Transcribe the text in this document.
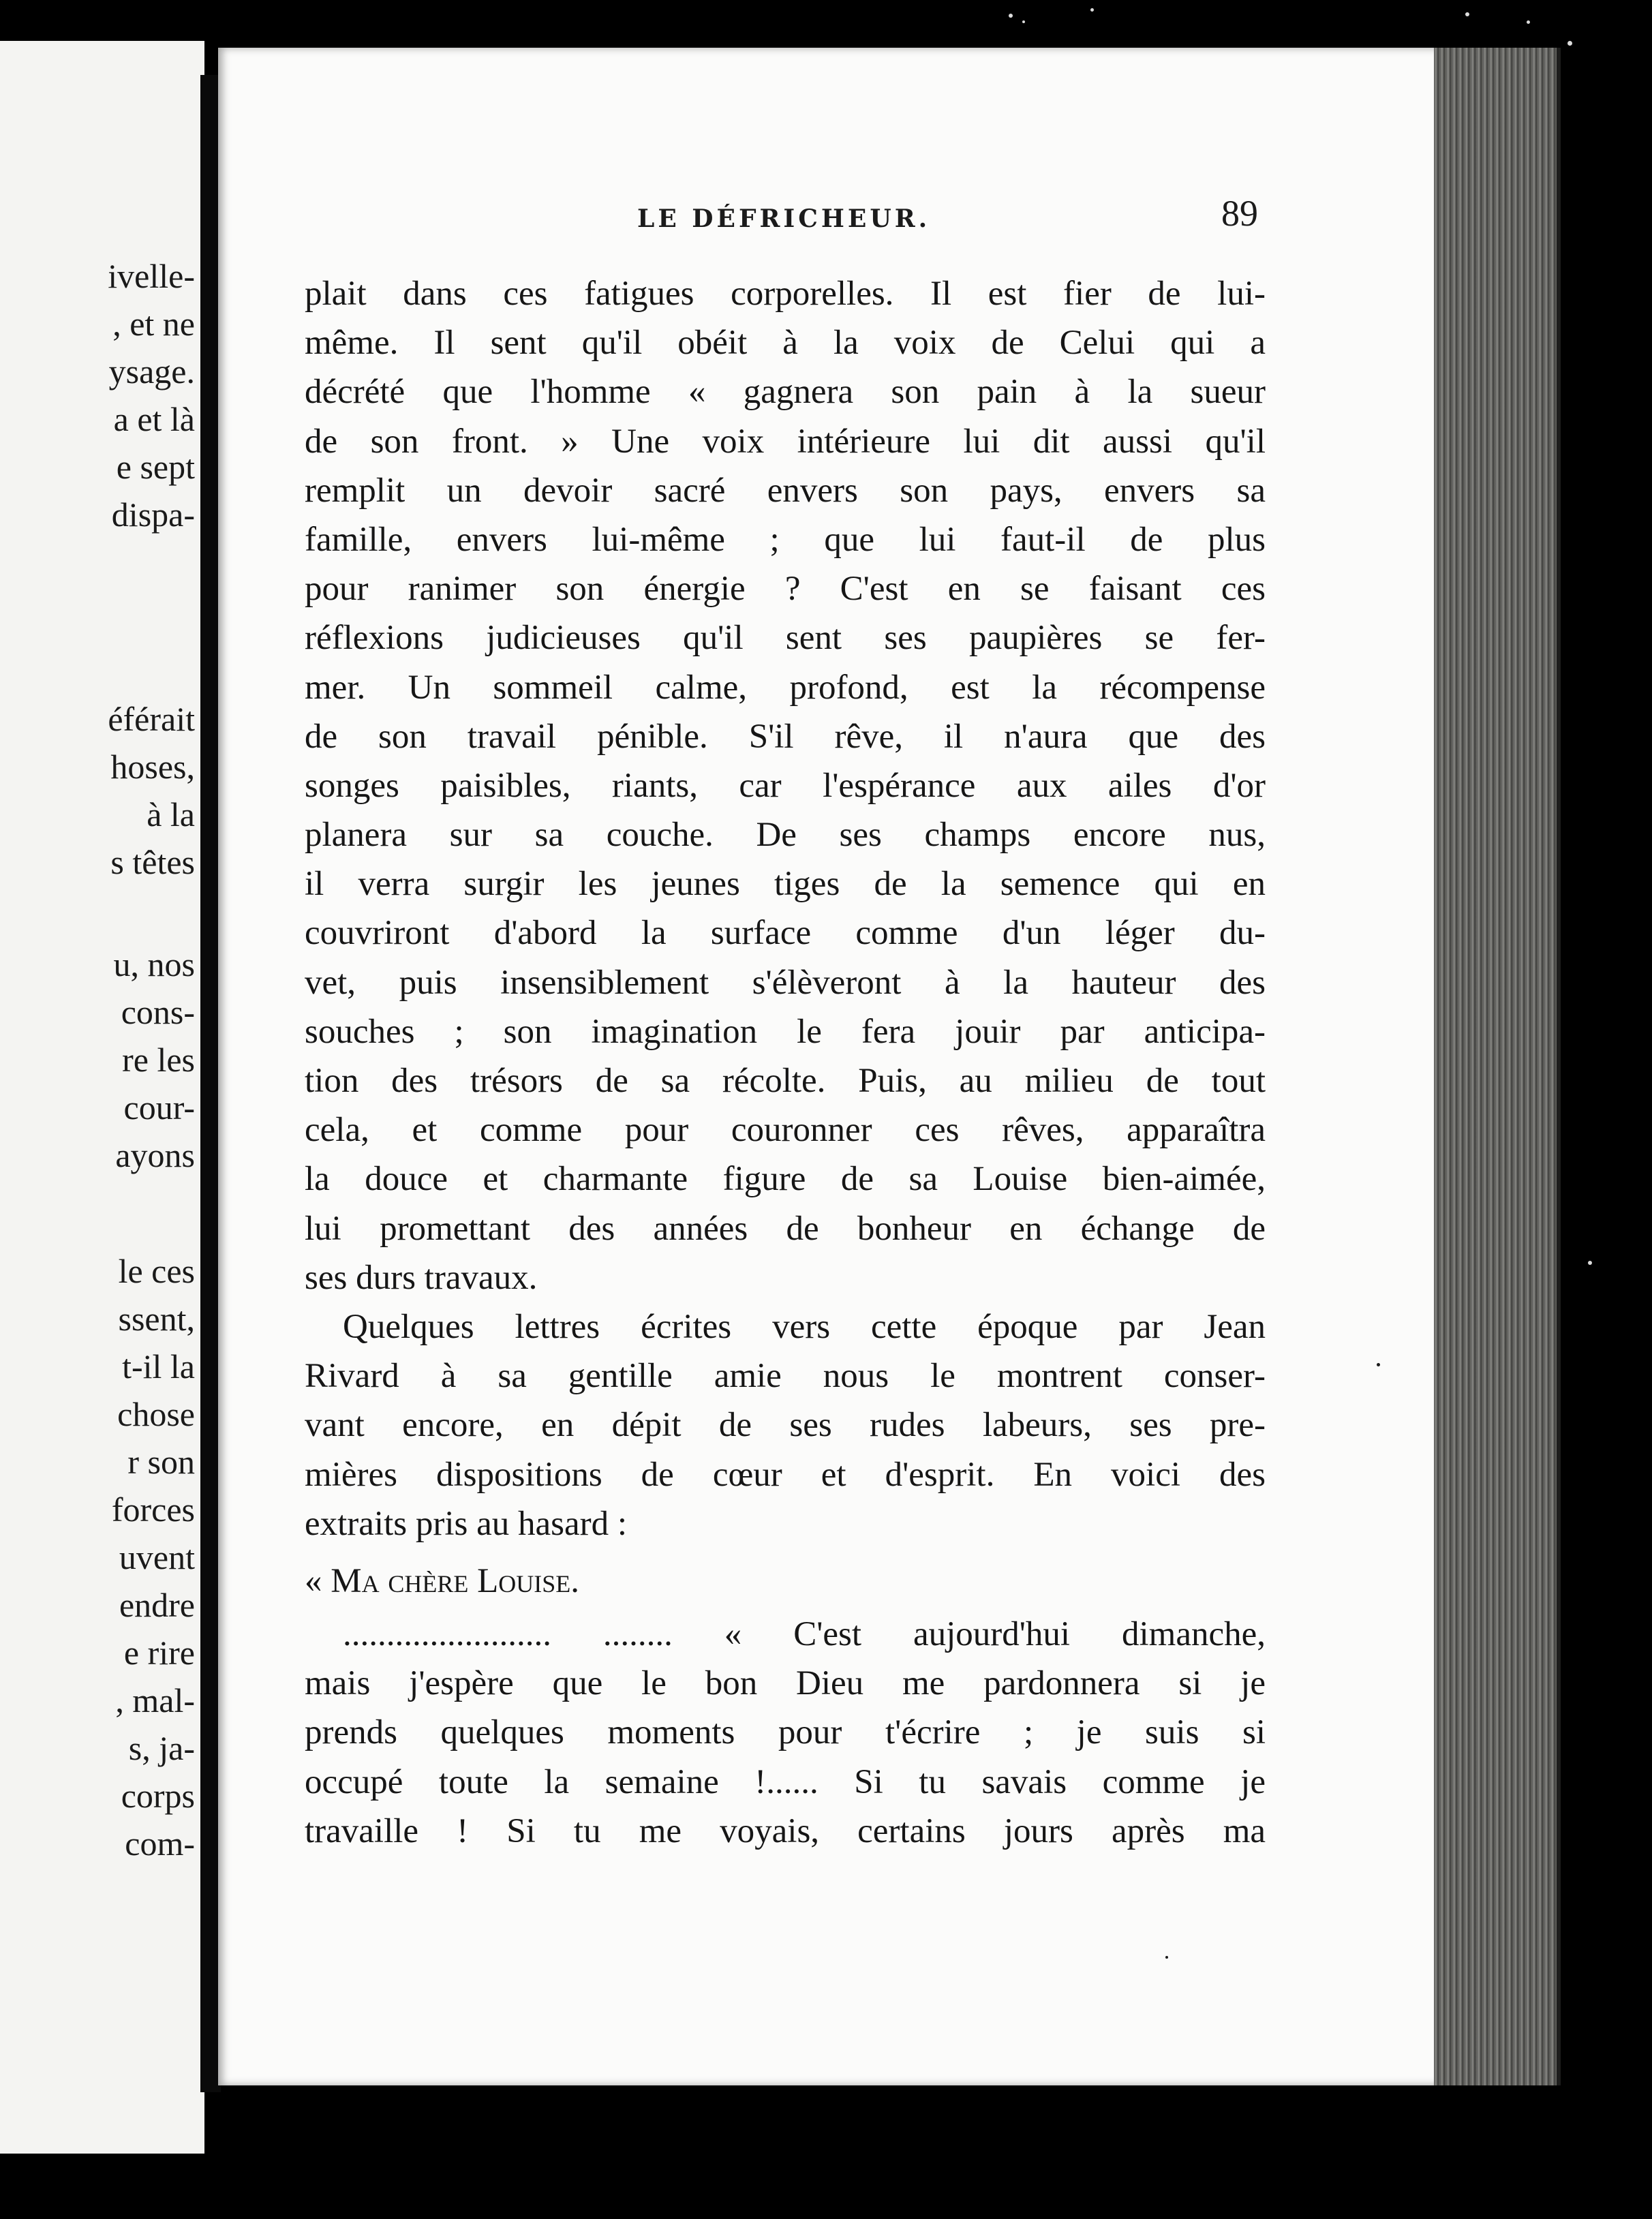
ivelle-
, et ne
ysage.
a et là
e sept
dispa-
éférait
hoses,
à la
s têtes
u, nos
cons-
re les
cour-
ayons
le ces
ssent,
t-il la
chose
r son
forces
uvent
endre
e rire
, mal-
s, ja-
corps
com-
LE DÉFRICHEUR.	89
plait dans ces fatigues corporelles. Il est fier de lui-
même. Il sent qu'il obéit à la voix de Celui qui a
décrété que l'homme « gagnera son pain à la sueur
de son front. » Une voix intérieure lui dit aussi qu'il
remplit un devoir sacré envers son pays, envers sa
famille, envers lui-même ; que lui faut-il de plus
pour ranimer son énergie ? C'est en se faisant ces
réflexions judicieuses qu'il sent ses paupières se fer-
mer. Un sommeil calme, profond, est la récompense
de son travail pénible. S'il rêve, il n'aura que des
songes paisibles, riants, car l'espérance aux ailes d'or
planera sur sa couche. De ses champs encore nus,
il verra surgir les jeunes tiges de la semence qui en
couvriront d'abord la surface comme d'un léger du-
vet, puis insensiblement s'élèveront à la hauteur des
souches ; son imagination le fera jouir par anticipa-
tion des trésors de sa récolte. Puis, au milieu de tout
cela, et comme pour couronner ces rêves, apparaîtra
la douce et charmante figure de sa Louise bien-aimée,
lui promettant des années de bonheur en échange de
ses durs travaux.
Quelques lettres écrites vers cette époque par Jean
Rivard à sa gentille amie nous le montrent conser-
vant encore, en dépit de ses rudes labeurs, ses pre-
mières dispositions de cœur et d'esprit. En voici des
extraits pris au hasard :
« Ma chère Louise.
........................ ........ « C'est aujourd'hui dimanche,
mais j'espère que le bon Dieu me pardonnera si je
prends quelques moments pour t'écrire ; je suis si
occupé toute la semaine !...... Si tu savais comme je
travaille ! Si tu me voyais, certains jours après ma
